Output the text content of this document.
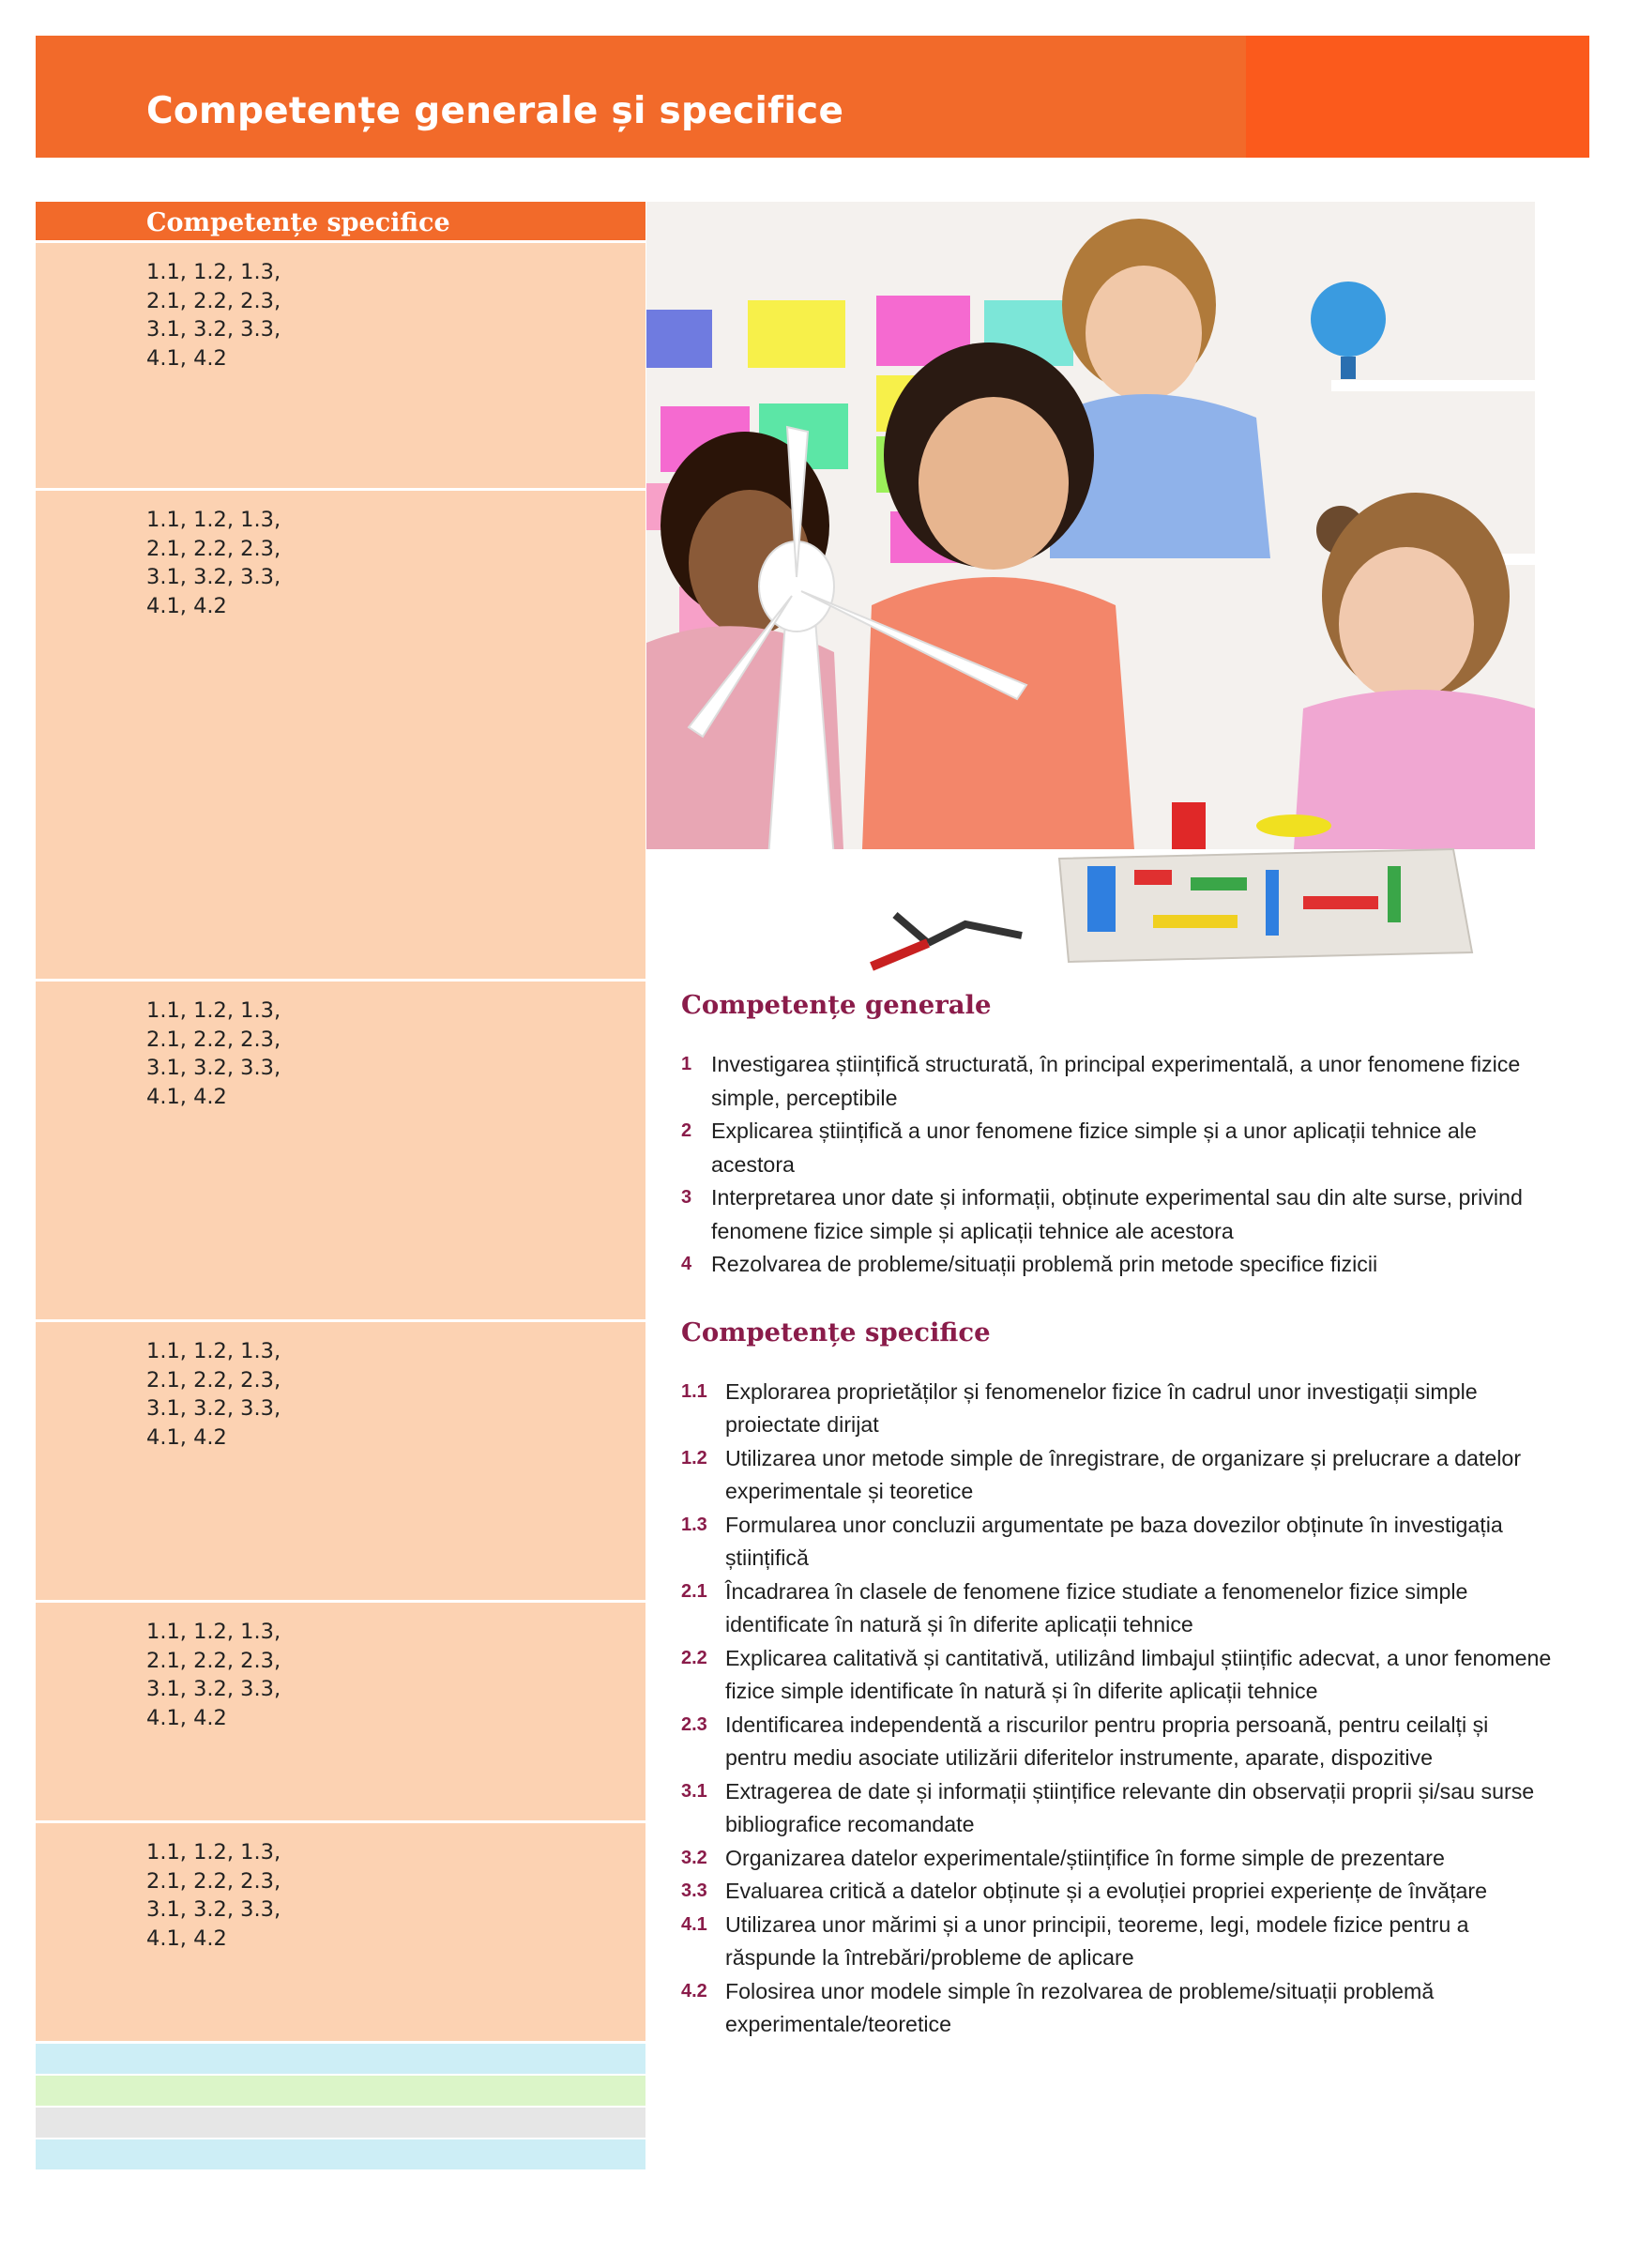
Competențe generale și specifice
Competențe specifice
1.1, 1.2, 1.3,
2.1, 2.2, 2.3,
3.1, 3.2, 3.3,
4.1, 4.2
1.1, 1.2, 1.3,
2.1, 2.2, 2.3,
3.1, 3.2, 3.3,
4.1, 4.2
1.1, 1.2, 1.3,
2.1, 2.2, 2.3,
3.1, 3.2, 3.3,
4.1, 4.2
1.1, 1.2, 1.3,
2.1, 2.2, 2.3,
3.1, 3.2, 3.3,
4.1, 4.2
1.1, 1.2, 1.3,
2.1, 2.2, 2.3,
3.1, 3.2, 3.3,
4.1, 4.2
1.1, 1.2, 1.3,
2.1, 2.2, 2.3,
3.1, 3.2, 3.3,
4.1, 4.2
Competențe generale
1 Investigarea științifică structurată, în principal experimentală, a unor fenomene fizice simple, perceptibile
2 Explicarea științifică a unor fenomene fizice simple și a unor aplicații tehnice ale acestora
3 Interpretarea unor date și informații, obținute experimental sau din alte surse, privind fenomene fizice simple și aplicații tehnice ale acestora
4 Rezolvarea de probleme/situații problemă prin metode specifice fizicii
Competențe specifice
1.1 Explorarea proprietăților și fenomenelor fizice în cadrul unor investigații simple proiectate dirijat
1.2 Utilizarea unor metode simple de înregistrare, de organizare și prelucrare a datelor experimentale și teoretice
1.3 Formularea unor concluzii argumentate pe baza dovezilor obținute în investigația științifică
2.1 Încadrarea în clasele de fenomene fizice studiate a fenomenelor fizice simple identificate în natură și în diferite aplicații tehnice
2.2 Explicarea calitativă și cantitativă, utilizând limbajul științific adecvat, a unor fenomene fizice simple identificate în natură și în diferite aplicații tehnice
2.3 Identificarea independentă a riscurilor pentru propria persoană, pentru ceilalți și pentru mediu asociate utilizării diferitelor instrumente, aparate, dispozitive
3.1 Extragerea de date și informații științifice relevante din observații proprii și/sau surse bibliografice recomandate
3.2 Organizarea datelor experimentale/științifice în forme simple de prezentare
3.3 Evaluarea critică a datelor obținute și a evoluției propriei experiențe de învățare
4.1 Utilizarea unor mărimi și a unor principii, teoreme, legi, modele fizice pentru a răspunde la întrebări/probleme de aplicare
4.2 Folosirea unor modele simple în rezolvarea de probleme/situații problemă experimentale/teoretice
